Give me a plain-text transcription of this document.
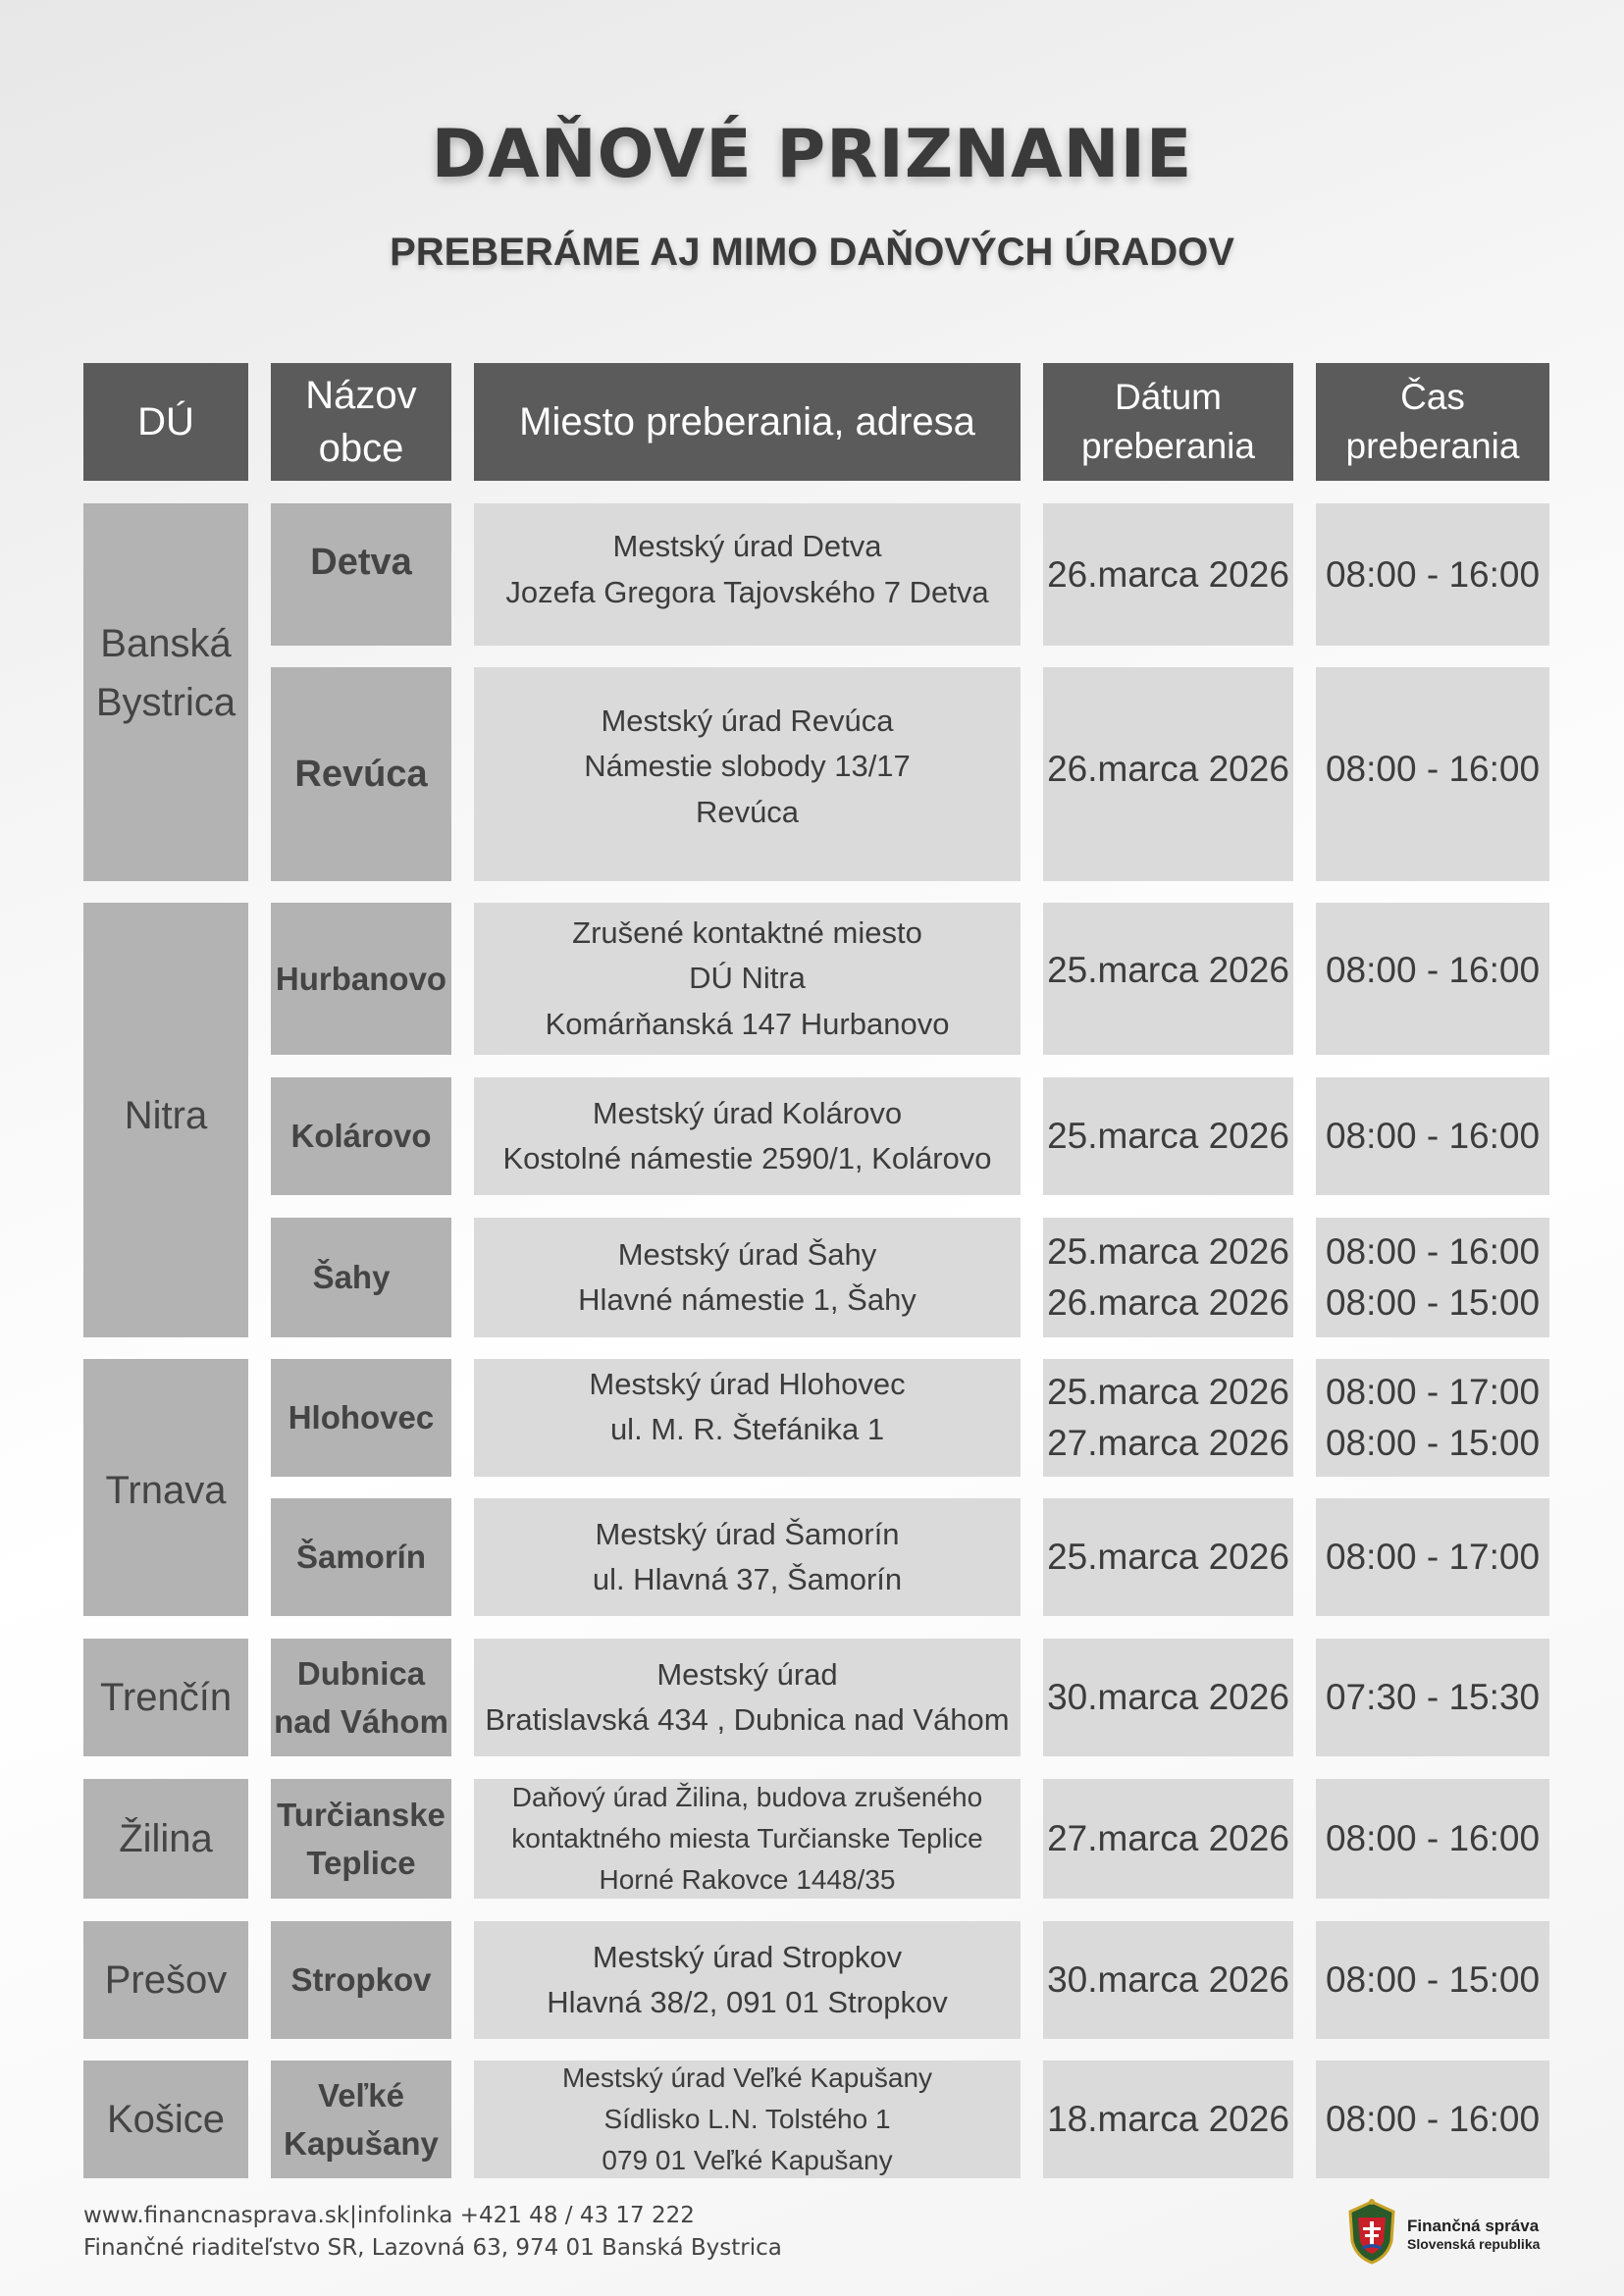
DAŇOVÉ PRIZNANIE
PREBERÁME AJ MIMO DAŇOVÝCH ÚRADOV
DÚ
Názov
obce
Miesto preberania, adresa
Dátum
preberania
Čas
preberania
Banská
Bystrica
Nitra
Trnava
Trenčín
Žilina
Prešov
Košice
Detva	Mestský úrad Detva
Jozefa Gregora Tajovského 7 Detva 26.marca 2026 08:00 - 16:00
Revúca
Mestský úrad Revúca
Námestie slobody 13/17
Revúca
26.marca 2026 08:00 - 16:00
Hurbanovo
Zrušené kontaktné miesto
DÚ Nitra
Komárňanská 147 Hurbanovo
25.marca 2026 08:00 - 16:00
Kolárovo
Mestský úrad Kolárovo
Kostolné námestie 2590/1, Kolárovo
25.marca 2026 08:00 - 16:00
Šahy
Mestský úrad Šahy
Hlavné námestie 1, Šahy
25.marca 2026
26.marca 2026
08:00 - 16:00
08:00 - 15:00
Hlohovec
Mestský úrad Hlohovec
ul. M. R. Štefánika 1
25.marca 2026
27.marca 2026
08:00 - 17:00
08:00 - 15:00
Šamorín
Mestský úrad Šamorín
ul. Hlavná 37, Šamorín
25.marca 2026 08:00 - 17:00
Dubnica
nad Váhom
Mestský úrad
Bratislavská 434 , Dubnica nad Váhom
30.marca 2026 07:30 - 15:30
Turčianske
Teplice
Daňový úrad Žilina, budova zrušeného
kontaktného miesta Turčianske Teplice
Horné Rakovce 1448/35
27.marca 2026 08:00 - 16:00
Stropkov
Mestský úrad Stropkov
Hlavná 38/2, 091 01 Stropkov
30.marca 2026 08:00 - 15:00
Veľké
Kapušany
Mestský úrad Veľké Kapušany
Sídlisko L.N. Tolstého 1
079 01 Veľké Kapušany
18.marca 2026 08:00 - 16:00
www.financnasprava.sk|infolinka +421 48 / 43 17 222
Finančné riaditeľstvo SR, Lazovná 63, 974 01 Banská Bystrica
Finančná správa
Slovenská republika
